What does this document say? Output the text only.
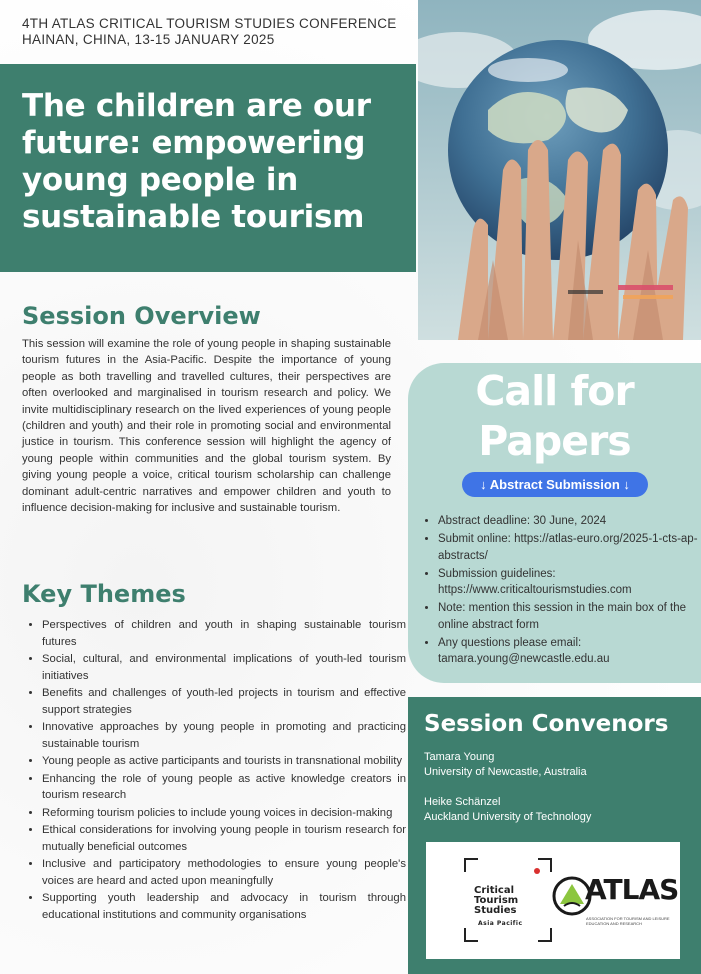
4TH ATLAS CRITICAL TOURISM STUDIES CONFERENCE
HAINAN, CHINA, 13-15 JANUARY 2025
The children are our future: empowering young people in sustainable tourism
Session Overview
This session will examine the role of young people in shaping sustainable tourism futures in the Asia-Pacific. Despite the importance of young people as both travelling and travelled cultures, their perspectives are often overlooked and marginalised in tourism research and policy. We invite multidisciplinary research on the lived experiences of young people (children and youth) and their role in promoting social and environmental justice in tourism. This conference session will highlight the agency of young people within communities and the global tourism system. By giving young people a voice, critical tourism scholarship can challenge dominant adult-centric narratives and empower children and youth to influence decision-making for inclusive and sustainable tourism.
Key Themes
• Perspectives of children and youth in shaping sustainable tourism futures
• Social, cultural, and environmental implications of youth-led tourism initiatives
• Benefits and challenges of youth-led projects in tourism and effective support strategies
• Innovative approaches by young people in promoting and practicing sustainable tourism
• Young people as active participants and tourists in transnational mobility
• Enhancing the role of young people as active knowledge creators in tourism research
• Reforming tourism policies to include young voices in decision-making
• Ethical considerations for involving young people in tourism research for mutually beneficial outcomes
• Inclusive and participatory methodologies to ensure young people's voices are heard and acted upon meaningfully
• Supporting youth leadership and advocacy in tourism through educational institutions and community organisations
Call for
Papers
↓ Abstract Submission ↓
• Abstract deadline: 30 June, 2024
• Submit online: https://atlas-euro.org/2025-1-cts-ap-abstracts/
• Submission guidelines: https://www.criticaltourismstudies.com
• Note: mention this session in the main box of the online abstract form
• Any questions please email: tamara.young@newcastle.edu.au
Session Convenors
Tamara Young
University of Newcastle, Australia
Heike Schänzel
Auckland University of Technology
Critical
Tourism
Studies
Asia Pacific
ATLAS
ASSOCIATION FOR TOURISM AND LEISURE EDUCATION AND RESEARCH
